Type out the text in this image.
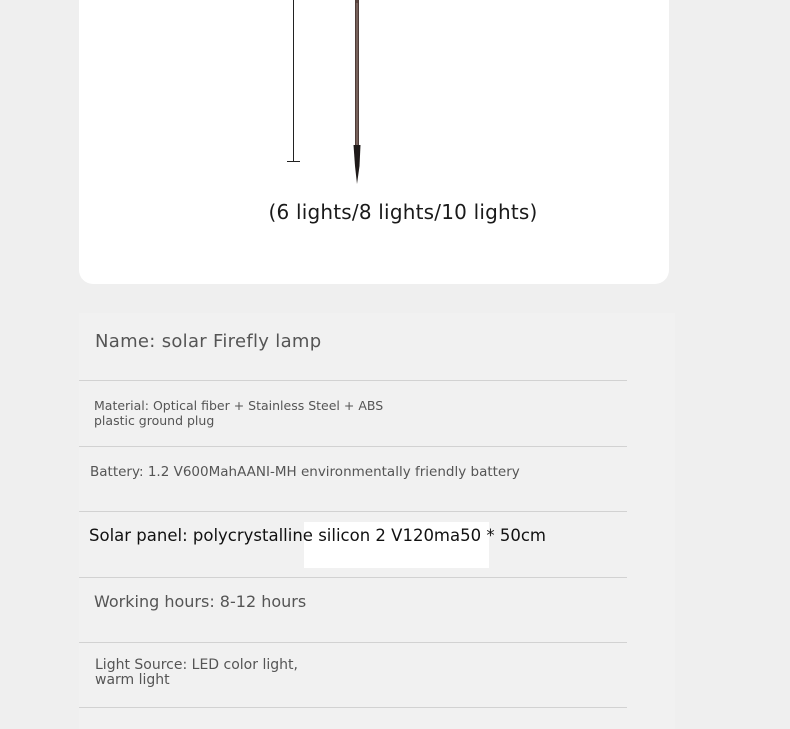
(6 lights/8 lights/10 lights)
Name: solar Firefly lamp
Material: Optical fiber + Stainless Steel + ABS plastic ground plug
Battery: 1.2 V600MahAANI-MH environmentally friendly battery
Solar panel: polycrystalline silicon 2 V120ma50 * 50cm
Working hours: 8-12 hours
Light Source: LED color light, warm light
